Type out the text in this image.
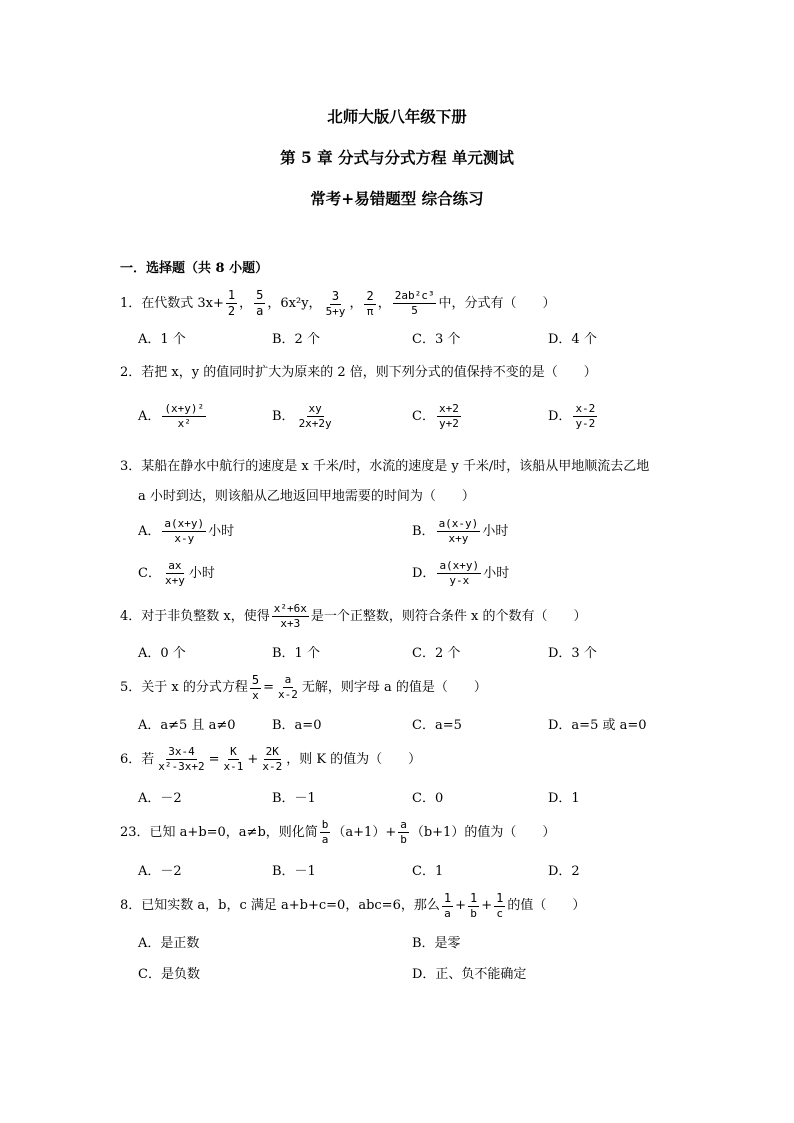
北师大版八年级下册
第 5 章 分式与分式方程 单元测试
常考+易错题型 综合练习
一．选择题（共 8 小题）
1．在代数式 $3x+ \frac{1}{2}$ ， $\frac{5}{a}$ ，6x²y， $\frac{3}{5+y}$ ， $\frac{2}{\pi}$ ， $\frac{\text{2ab²c³}}{5}$ 中，分式有（　　）
A．1 个	B．2 个	C．3 个	D．4 个
2．若把 x，y 的值同时扩大为原来的 2 倍，则下列分式的值保持不变的是（　　）
A． $\frac{\text{(x+y)²}}{\text{x²}}$	B． $\frac{xy}{2x+2y}$	C． $\frac{x+2}{y+2}$	D． $\frac{x-2}{y-2}$
3．某船在静水中航行的速度是 x 千米/时，水流的速度是 y 千米/时，该船从甲地顺流去乙地
a 小时到达，则该船从乙地返回甲地需要的时间为（　　）
A． $\frac{a(x+y)}{x-y}$ 小时	B． $\frac{a(x-y)}{x+y}$ 小时
C． $\frac{ax}{x+y}$ 小时	D． $\frac{a(x+y)}{y-x}$ 小时
4．对于非负整数 x，使得 $\frac{\text{x²+6x}}{x+3}$ 是一个正整数，则符合条件 x 的个数有（　　）
A．0 个	B．1 个	C．2 个	D．3 个
5．关于 x 的分式方程 $\frac{5}{x} = \frac{a}{x-2}$ 无解，则字母 a 的值是（　　）
A．a≠5 且 a≠0	B．a=0	C．a=5	D．a=5 或 a=0
6．若 $\frac{3x-4}{\text{x²-3x+2}} = \frac{K}{x-1} + \frac{2K}{x-2}$ ，则 K 的值为（　　）
A．－2	B．－1	C．0	D．1
23．已知 a+b=0，a≠b，则化简 $\frac{b}{a} (a+1)+ \frac{a}{b} (b+1)$的值为（　　）
A．－2	B．－1	C．1	D．2
8．已知实数 a，b，c 满足 a+b+c=0，abc=6，那么 $\frac{1}{a} + \frac{1}{b} + \frac{1}{c}$ 的值（　　）
A．是正数	B．是零
C．是负数	D．正、负不能确定
